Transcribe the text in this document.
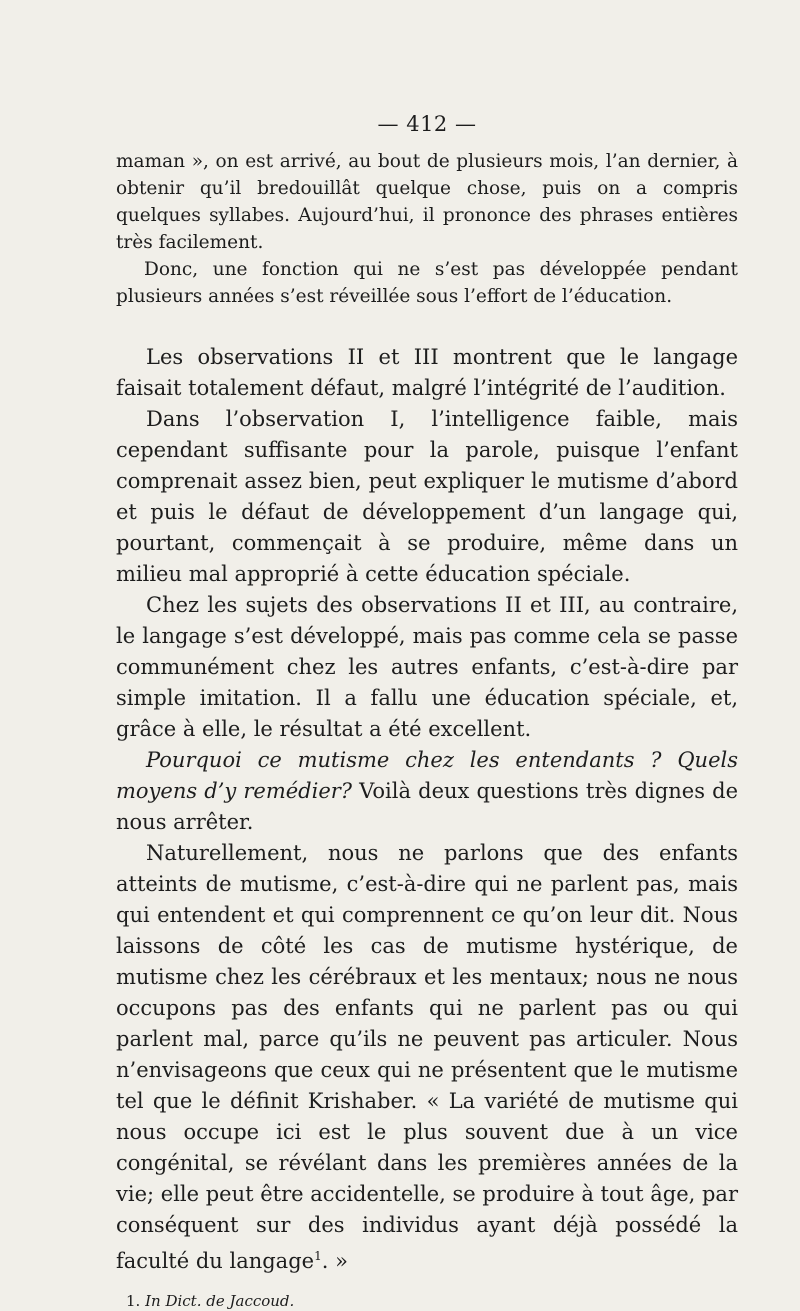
— 412 —

maman », on est arrivé, au bout de plusieurs mois, l’an dernier, à obtenir qu’il bredouillât quelque chose, puis on a compris quelques syllabes. Aujourd’hui, il prononce des phrases entières très facilement.

Donc, une fonction qui ne s’est pas développée pendant plusieurs années s’est réveillée sous l’effort de l’éducation.

Les observations II et III montrent que le langage faisait totalement défaut, malgré l’intégrité de l’audition.

Dans l’observation I, l’intelligence faible, mais cependant suffisante pour la parole, puisque l’enfant comprenait assez bien, peut expliquer le mutisme d’abord et puis le défaut de développement d’un langage qui, pourtant, commençait à se produire, même dans un milieu mal approprié à cette éducation spéciale.

Chez les sujets des observations II et III, au contraire, le langage s’est développé, mais pas comme cela se passe communément chez les autres enfants, c’est-à-dire par simple imitation. Il a fallu une éducation spéciale, et, grâce à elle, le résultat a été excellent.

Pourquoi ce mutisme chez les entendants ? Quels moyens d’y remédier? Voilà deux questions très dignes de nous arrêter.

Naturellement, nous ne parlons que des enfants atteints de mutisme, c’est-à-dire qui ne parlent pas, mais qui entendent et qui comprennent ce qu’on leur dit. Nous laissons de côté les cas de mutisme hystérique, de mutisme chez les cérébraux et les mentaux; nous ne nous occupons pas des enfants qui ne parlent pas ou qui parlent mal, parce qu’ils ne peuvent pas articuler. Nous n’envisageons que ceux qui ne présentent que le mutisme tel que le définit Krishaber. « La variété de mutisme qui nous occupe ici est le plus souvent due à un vice congénital, se révélant dans les premières années de la vie; elle peut être accidentelle, se produire à tout âge, par conséquent sur des individus ayant déjà possédé la faculté du langage$^1$. »

1. In Dict. de Jaccoud.
